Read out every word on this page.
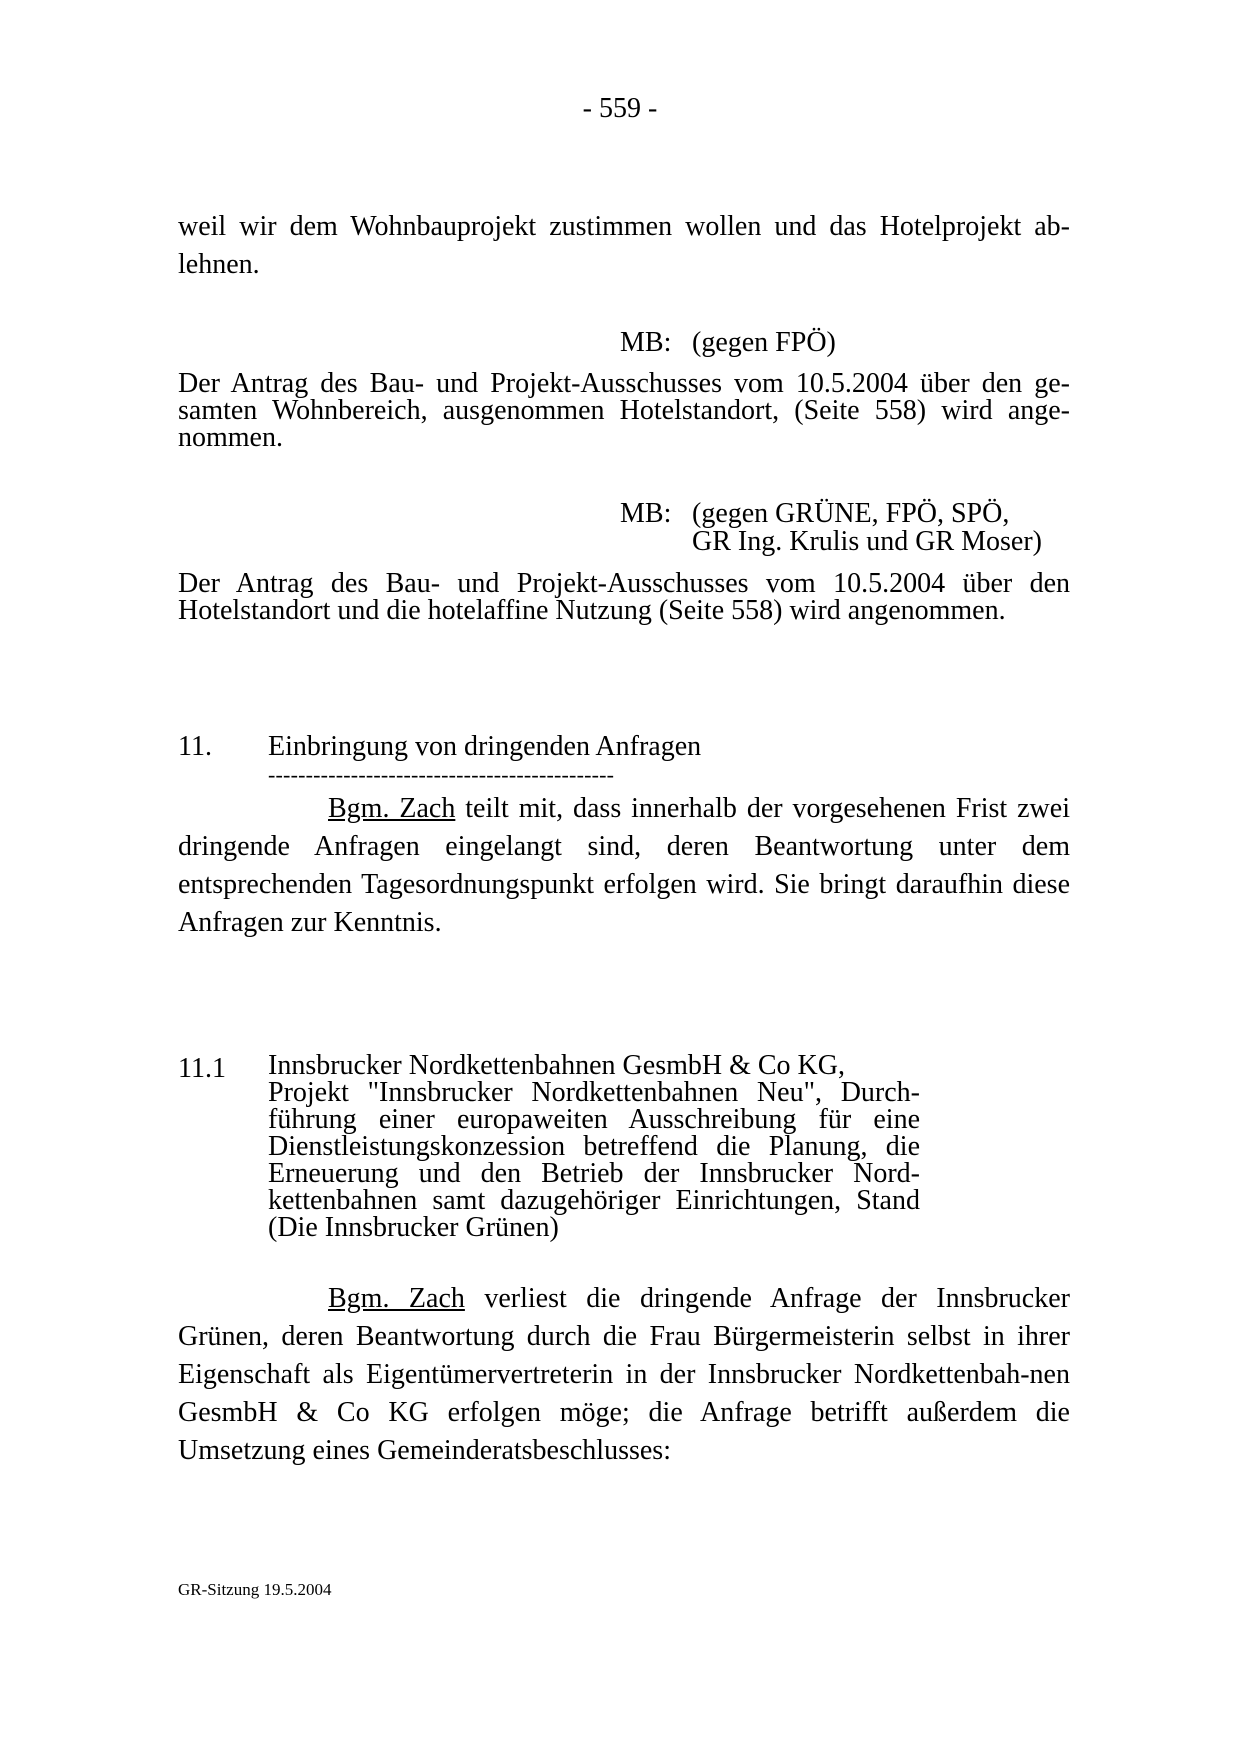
- 559 -
weil wir dem Wohnbauprojekt zustimmen wollen und das Hotelprojekt ab-
lehnen.
MB: (gegen FPÖ)
Der Antrag des Bau- und Projekt-Ausschusses vom 10.5.2004 über den ge-
samten Wohnbereich, ausgenommen Hotelstandort, (Seite 558) wird ange-
nommen.
MB: (gegen GRÜNE, FPÖ, SPÖ,
GR Ing. Krulis und GR Moser)
Der Antrag des Bau- und Projekt-Ausschusses vom 10.5.2004 über den
Hotelstandort und die hotelaffine Nutzung (Seite 558) wird angenommen.
11. Einbringung von dringenden Anfragen
----------------------------------------------
Bgm. Zach teilt mit, dass innerhalb der vorgesehenen Frist zwei dringende Anfragen eingelangt sind, deren Beantwortung unter dem entsprechenden Tagesordnungspunkt erfolgen wird. Sie bringt daraufhin diese Anfragen zur Kenntnis.
11.1 Innsbrucker Nordkettenbahnen GesmbH & Co KG,
Projekt "Innsbrucker Nordkettenbahnen Neu", Durch-
führung einer europaweiten Ausschreibung für eine
Dienstleistungskonzession betreffend die Planung, die
Erneuerung und den Betrieb der Innsbrucker Nord-
kettenbahnen samt dazugehöriger Einrichtungen, Stand
(Die Innsbrucker Grünen)
Bgm. Zach verliest die dringende Anfrage der Innsbrucker Grünen, deren Beantwortung durch die Frau Bürgermeisterin selbst in ihrer Eigenschaft als Eigentümervertreterin in der Innsbrucker Nordkettenbah-nen GesmbH & Co KG erfolgen möge; die Anfrage betrifft außerdem die Umsetzung eines Gemeinderatsbeschlusses:
GR-Sitzung 19.5.2004
